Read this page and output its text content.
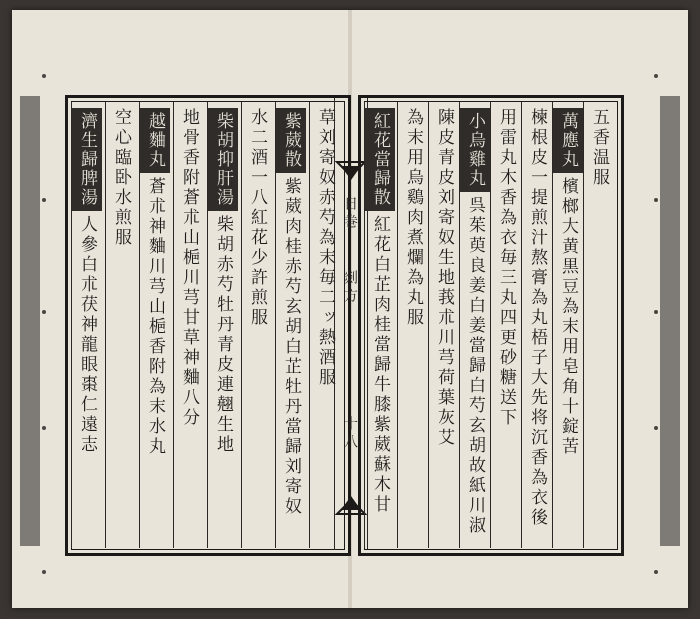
草刘寄奴赤芍為末毎二ッ熱酒服
紫葳散紫葳肉桂赤芍玄胡白芷牡丹當歸刘寄奴
水二酒一八紅花少許煎服
柴胡抑肝湯柴胡赤芍牡丹青皮連翹生地
地骨香附蒼朮山梔川芎甘草神麯八分
越麯丸蒼朮神麯川芎山梔香附為末水丸
空心臨卧水煎服
濟生歸脾湯人參白朮茯神龍眼棗仁遠志
日巻
剡方
十八
五香温服
萬應丸檳榔大黄黒豆為末用皂角十錠苦
楝根皮一提煎汁熬膏為丸梧子大先将沉香為衣後
用雷丸木香為衣毎三丸四更砂糖送下
小烏雞丸呉茱萸良姜白姜當歸白芍玄胡故紙川淑
陳皮青皮刘寄奴生地莪朮川芎荷葉灰艾
為末用烏鷄肉煮爛為丸服
紅花當歸散紅花白芷肉桂當歸牛膝紫葳蘇木甘
